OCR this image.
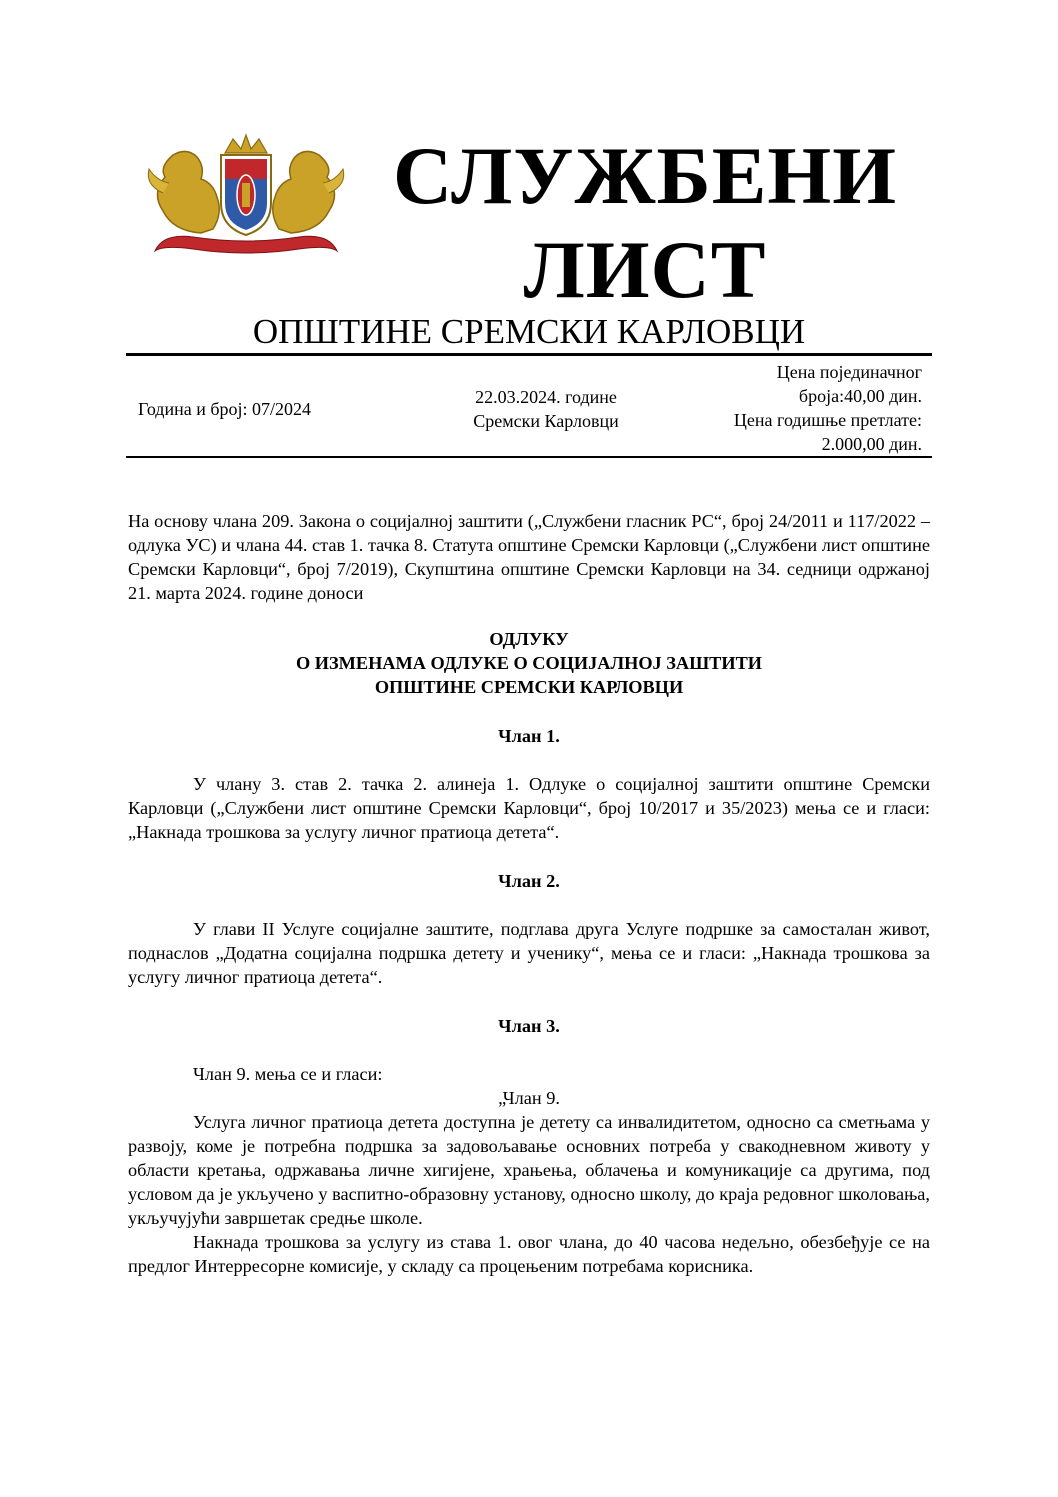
СЛУЖБЕНИ
ЛИСТ
ОПШТИНЕ СРЕМСКИ КАРЛОВЦИ
Година и број: 07/2024
22.03.2024. године
Сремски Карловци
Цена појединачног
броја:40,00 дин.
Цена годишње претлате:
2.000,00 дин.

На основу члана 209. Закона о социјалној заштити („Службени гласник РС“, број 24/2011 и 117/2022 – одлука УС) и члана 44. став 1. тачка 8. Статута општине Сремски Карловци („Службени лист општине Сремски Карловци“, број 7/2019), Скупштина општине Сремски Карловци на 34. седници одржаној 21. марта 2024. године доноси

ОДЛУКУ
О ИЗМЕНАМА ОДЛУКЕ О СОЦИЈАЛНОЈ ЗАШТИТИ
ОПШТИНЕ СРЕМСКИ КАРЛОВЦИ
Члан 1.

У члану 3. став 2. тачка 2. алинеја 1. Одлуке о социјалној заштити општине Сремски Карловци („Службени лист општине Сремски Карловци“, број 10/2017 и 35/2023) мења се и гласи: „Накнада трошкова за услугу личног пратиоца детета“.

Члан 2.

У глави II Услуге социјалне заштите, подглава друга Услуге подршке за самосталан живот, поднаслов „Додатна социјална подршка детету и ученику“, мења се и гласи: „Накнада трошкова за услугу личног пратиоца детета“.

Члан 3.

Члан 9. мења се и гласи:

„Члан 9.

Услуга личног пратиоца детета доступна је детету са инвалидитетом, односно са сметњама у развоју, коме је потребна подршка за задовољавање основних потреба у свакодневном животу у области кретања, одржавања личне хигијене, храњења, облачења и комуникације са другима, под условом да је укључено у васпитно-образовну установу, односно школу, до краја редовног школовања, укључујући завршетак средње школе.

Накнада трошкова за услугу из става 1. овог члана, до 40 часова недељно, обезбеђује се на предлог Интерресорне комисије, у складу са процењеним потребама корисника.
